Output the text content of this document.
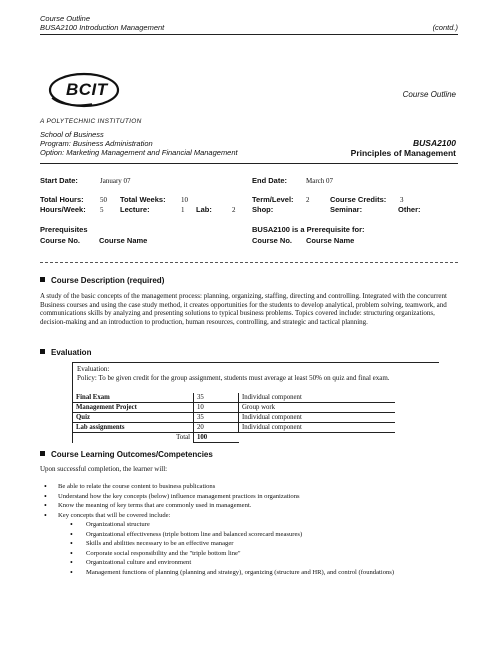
Course Outline
BUSA2100 Introduction Management	(contd.)
BCIT
A POLYTECHNIC INSTITUTION
Course Outline
School of Business
Program: Business Administration
Option: Marketing Management and Financial Management
BUSA2100
Principles of Management
Start Date:	January 07	End Date:	March 07
Total Hours: 50 Total Weeks: 10	Term/Level: 2	Course Credits: 3
Hours/Week: 5 Lecture:	1 Lab:	2 Shop:	Seminar:	Other:
Prerequisites	BUSA2100 is a Prerequisite for:
Course No.	Course Name	Course No. Course Name
Course Description (required)
A study of the basic concepts of the management process: planning, organizing, staffing, directing and controlling. Integrated with the concurrent Business courses and using the case study method, it creates opportunities for the students to develop analytical, problem solving, teamwork, and communications skills by analyzing and presenting solutions to typical business problems. Topics covered include: structuring organizations, decision-making and an introduction to production, human resources, controlling, and strategic and tactical planning.
Evaluation
Evaluation:
Policy: To be given credit for the group assignment, students must average at least 50% on quiz and final exam.
Final Exam	35	Individual component
Management Project	10	Group work
Quiz	35	Individual component
Lab assignments	20	Individual component
Total	100	
Course Learning Outcomes/Competencies
Upon successful completion, the learner will:
• Be able to relate the course content to business publications
• Understand how the key concepts (below) influence management practices in organizations
• Know the meaning of key terms that are commonly used in management.
• Key concepts that will be covered include:
• Organizational structure
• Organizational effectiveness (triple bottom line and balanced scorecard measures)
• Skills and abilities necessary to be an effective manager
• Corporate social responsibility and the "triple bottom line"
• Organizational culture and environment
• Management functions of planning (planning and strategy), organizing (structure and HR), and control (foundations)
